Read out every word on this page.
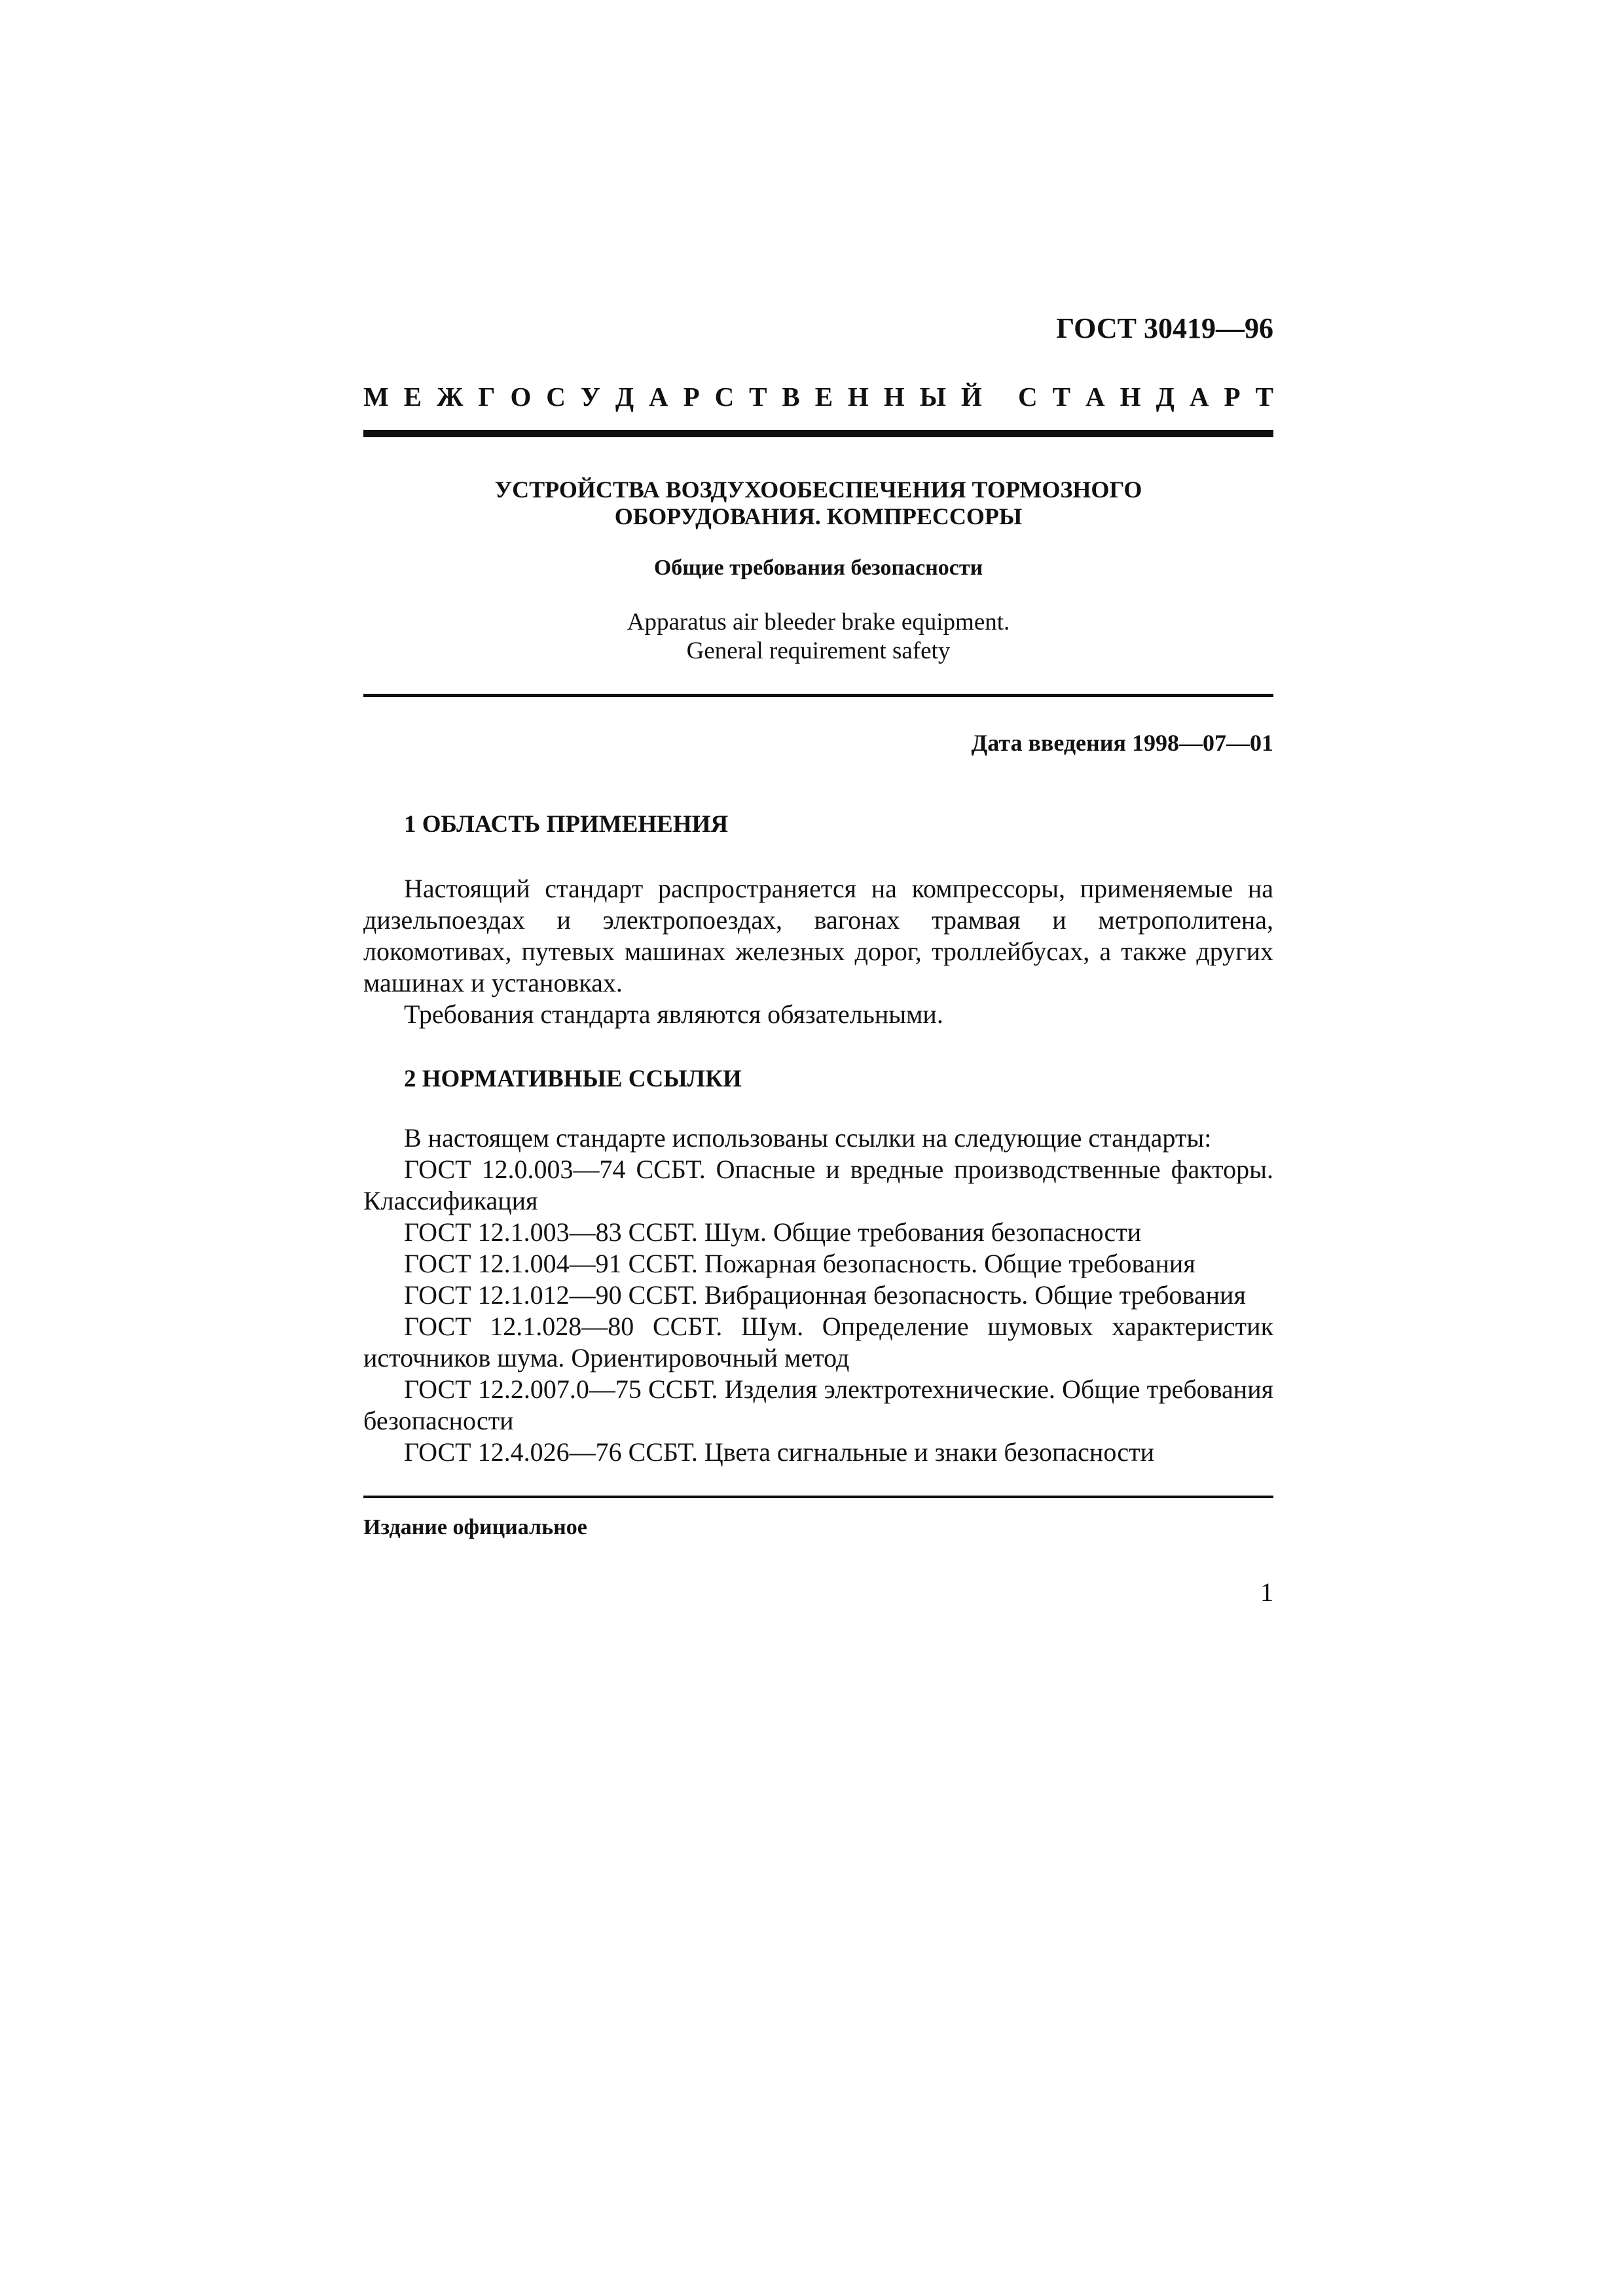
ГОСТ 30419—96
М Е Ж Г О С У Д А Р С Т В Е Н Н Ы Й С Т А Н Д А Р Т
УСТРОЙСТВА ВОЗДУХООБЕСПЕЧЕНИЯ ТОРМОЗНОГО
ОБОРУДОВАНИЯ. КОМПРЕССОРЫ
Общие требования безопасности
Apparatus air bleeder brake equipment.
General requirement safety
Дата введения 1998—07—01
1 ОБЛАСТЬ ПРИМЕНЕНИЯ

Настоящий стандарт распространяется на компрессоры, применяемые на дизельпоездах и электропоездах, вагонах трамвая и метрополитена, локомотивах, путевых машинах железных дорог, троллейбусах, а также других машинах и установках.

Требования стандарта являются обязательными.

2 НОРМАТИВНЫЕ ССЫЛКИ

В настоящем стандарте использованы ссылки на следующие стандарты:

ГОСТ 12.0.003—74 ССБТ. Опасные и вредные производственные факторы. Классификация

ГОСТ 12.1.003—83 ССБТ. Шум. Общие требования безопасности

ГОСТ 12.1.004—91 ССБТ. Пожарная безопасность. Общие требования

ГОСТ 12.1.012—90 ССБТ. Вибрационная безопасность. Общие требования

ГОСТ 12.1.028—80 ССБТ. Шум. Определение шумовых характеристик источников шума. Ориентировочный метод

ГОСТ 12.2.007.0—75 ССБТ. Изделия электротехнические. Общие требования безопасности

ГОСТ 12.4.026—76 ССБТ. Цвета сигнальные и знаки безопасности

Издание официальное
1
